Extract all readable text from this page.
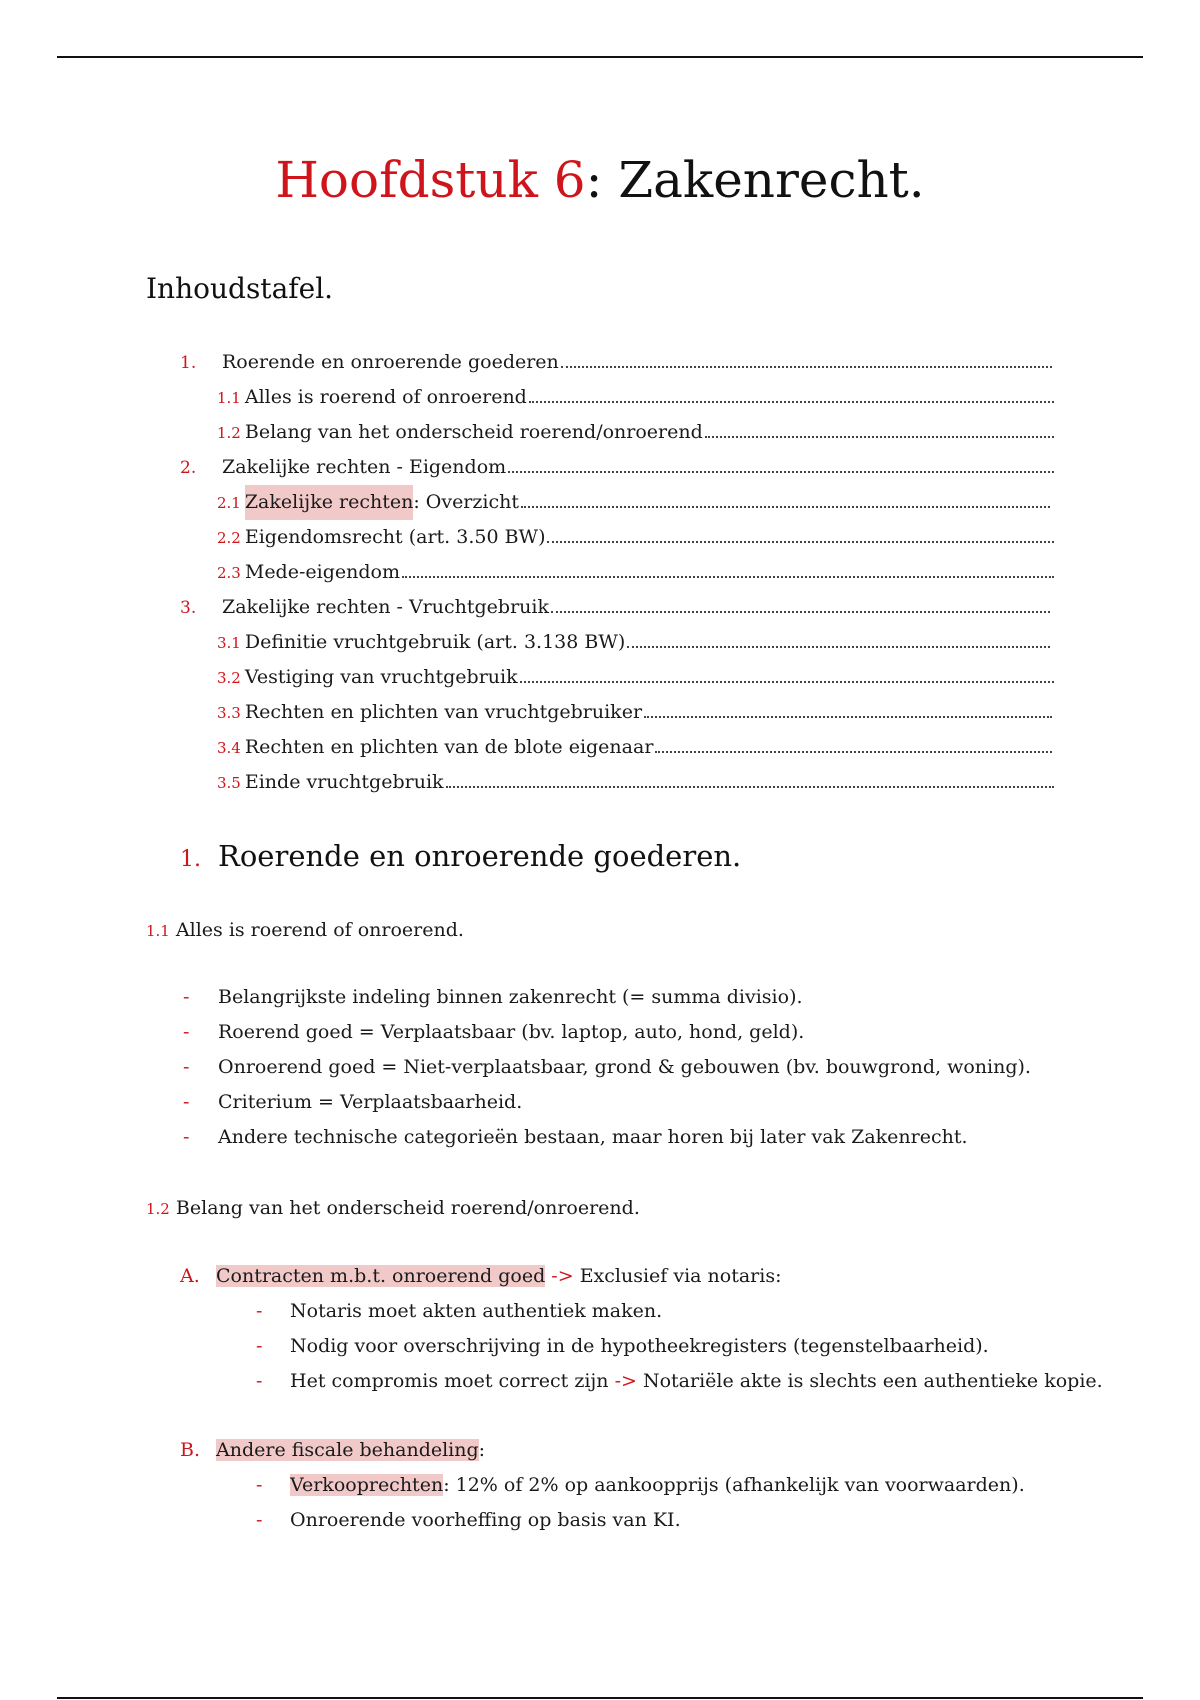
Hoofdstuk 6: Zakenrecht.
Inhoudstafel.
1.	Roerende en onroerende goederen
1.1 Alles is roerend of onroerend
1.2 Belang van het onderscheid roerend/onroerend
2.	Zakelijke rechten - Eigendom
2.1 Zakelijke rechten : Overzicht
2.2 Eigendomsrecht (art. 3.50 BW)
2.3 Mede-eigendom
3.	Zakelijke rechten - Vruchtgebruik
3.1 Definitie vruchtgebruik (art. 3.138 BW)
3.2 Vestiging van vruchtgebruik
3.3 Rechten en plichten van vruchtgebruiker
3.4 Rechten en plichten van de blote eigenaar
3.5 Einde vruchtgebruik
1. Roerende en onroerende goederen.
1.1 Alles is roerend of onroerend.
- Belangrijkste indeling binnen zakenrecht (= summa divisio).
- Roerend goed = Verplaatsbaar (bv. laptop, auto, hond, geld).
- Onroerend goed = Niet-verplaatsbaar, grond & gebouwen (bv. bouwgrond, woning).
- Criterium = Verplaatsbaarheid.
- Andere technische categorieën bestaan, maar horen bij later vak Zakenrecht.
1.2 Belang van het onderscheid roerend/onroerend.
A. Contracten m.b.t. onroerend goed -> Exclusief via notaris:
- Notaris moet akten authentiek maken.
- Nodig voor overschrijving in de hypotheekregisters (tegenstelbaarheid).
- Het compromis moet correct zijn -> Notariële akte is slechts een authentieke kopie.
B. Andere fiscale behandeling:
- Verkooprechten: 12% of 2% op aankoopprijs (afhankelijk van voorwaarden).
- Onroerende voorheffing op basis van KI.
